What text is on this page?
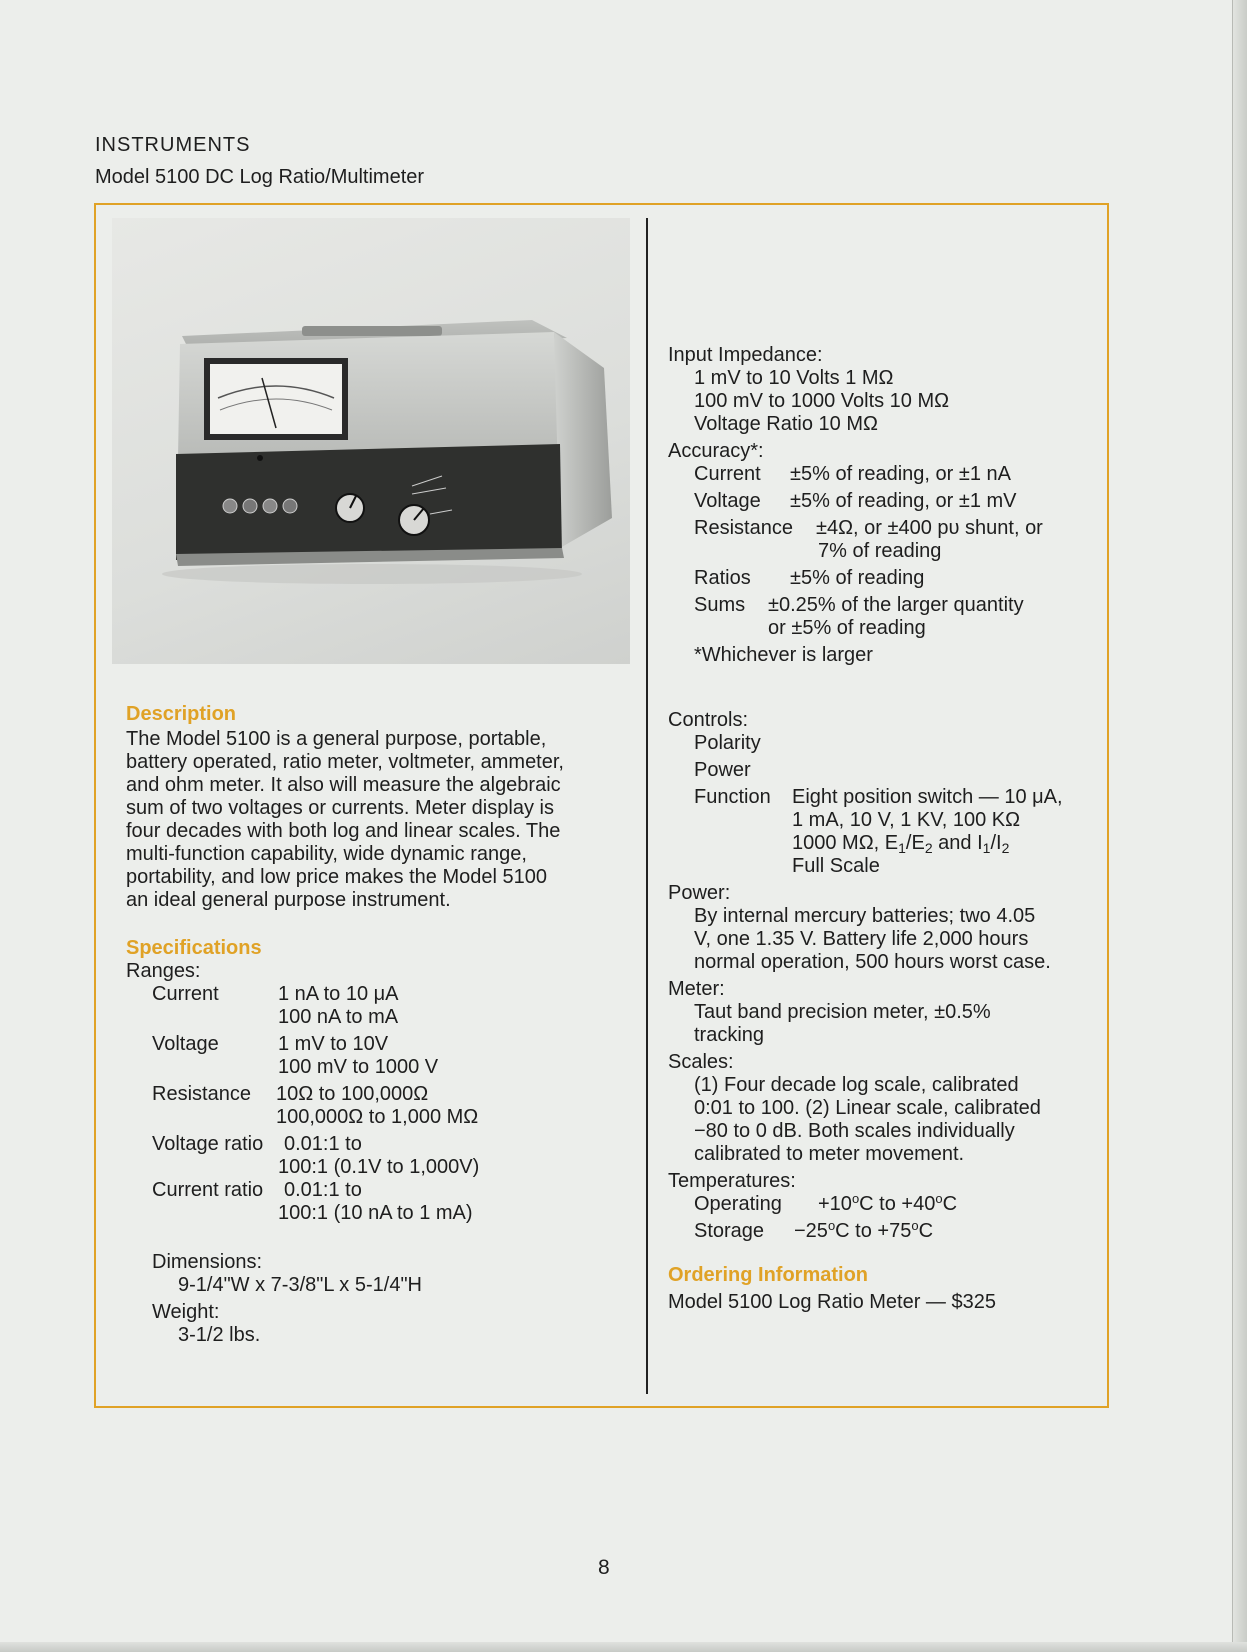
INSTRUMENTS
Model 5100 DC Log Ratio/Multimeter
Description
The Model 5100 is a general purpose, portable,
battery operated, ratio meter, voltmeter, ammeter,
and ohm meter. It also will measure the algebraic
sum of two voltages or currents. Meter display is
four decades with both log and linear scales. The
multi-function capability, wide dynamic range,
portability, and low price makes the Model 5100
an ideal general purpose instrument.
Specifications
Ranges:
Current	1 nA to 10 μA
100 nA to mA
Voltage	1 mV to 10V
100 mV to 1000 V
Resistance	10Ω to 100,000Ω
100,000Ω to 1,000 MΩ
Voltage ratio	0.01:1 to
100:1 (0.1V to 1,000V)
Current ratio	0.01:1 to
100:1 (10 nA to 1 mA)
Dimensions:
9-1/4"W x 7-3/8"L x 5-1/4"H
Weight:
3-1/2 lbs.
Input Impedance:
1 mV to 10 Volts 1 MΩ
100 mV to 1000 Volts 10 MΩ
Voltage Ratio 10 MΩ
Accuracy*:
Current	±5% of reading, or ±1 nA
Voltage	±5% of reading, or ±1 mV
Resistance	±4Ω, or ±400 pυ shunt, or
7% of reading
Ratios	±5% of reading
Sums	±0.25% of the larger quantity
or ±5% of reading
*Whichever is larger
Controls:
Polarity
Power
Function	Eight position switch — 10 μA,
1 mA, 10 V, 1 KV, 100 KΩ
1000 MΩ, $E_1/E_2$ and $I_1/I_2$
Full Scale
Power:
By internal mercury batteries; two 4.05
V, one 1.35 V. Battery life 2,000 hours
normal operation, 500 hours worst case.
Meter:
Taut band precision meter, ±0.5%
tracking
Scales:
(1) Four decade log scale, calibrated
0:01 to 100. (2) Linear scale, calibrated
−80 to 0 dB. Both scales individually
calibrated to meter movement.
Temperatures:
Operating	$+10^oC$ to $+40^oC$
Storage	$-25^oC$ to $+75^oC$
Ordering Information
Model 5100 Log Ratio Meter — $325
8
